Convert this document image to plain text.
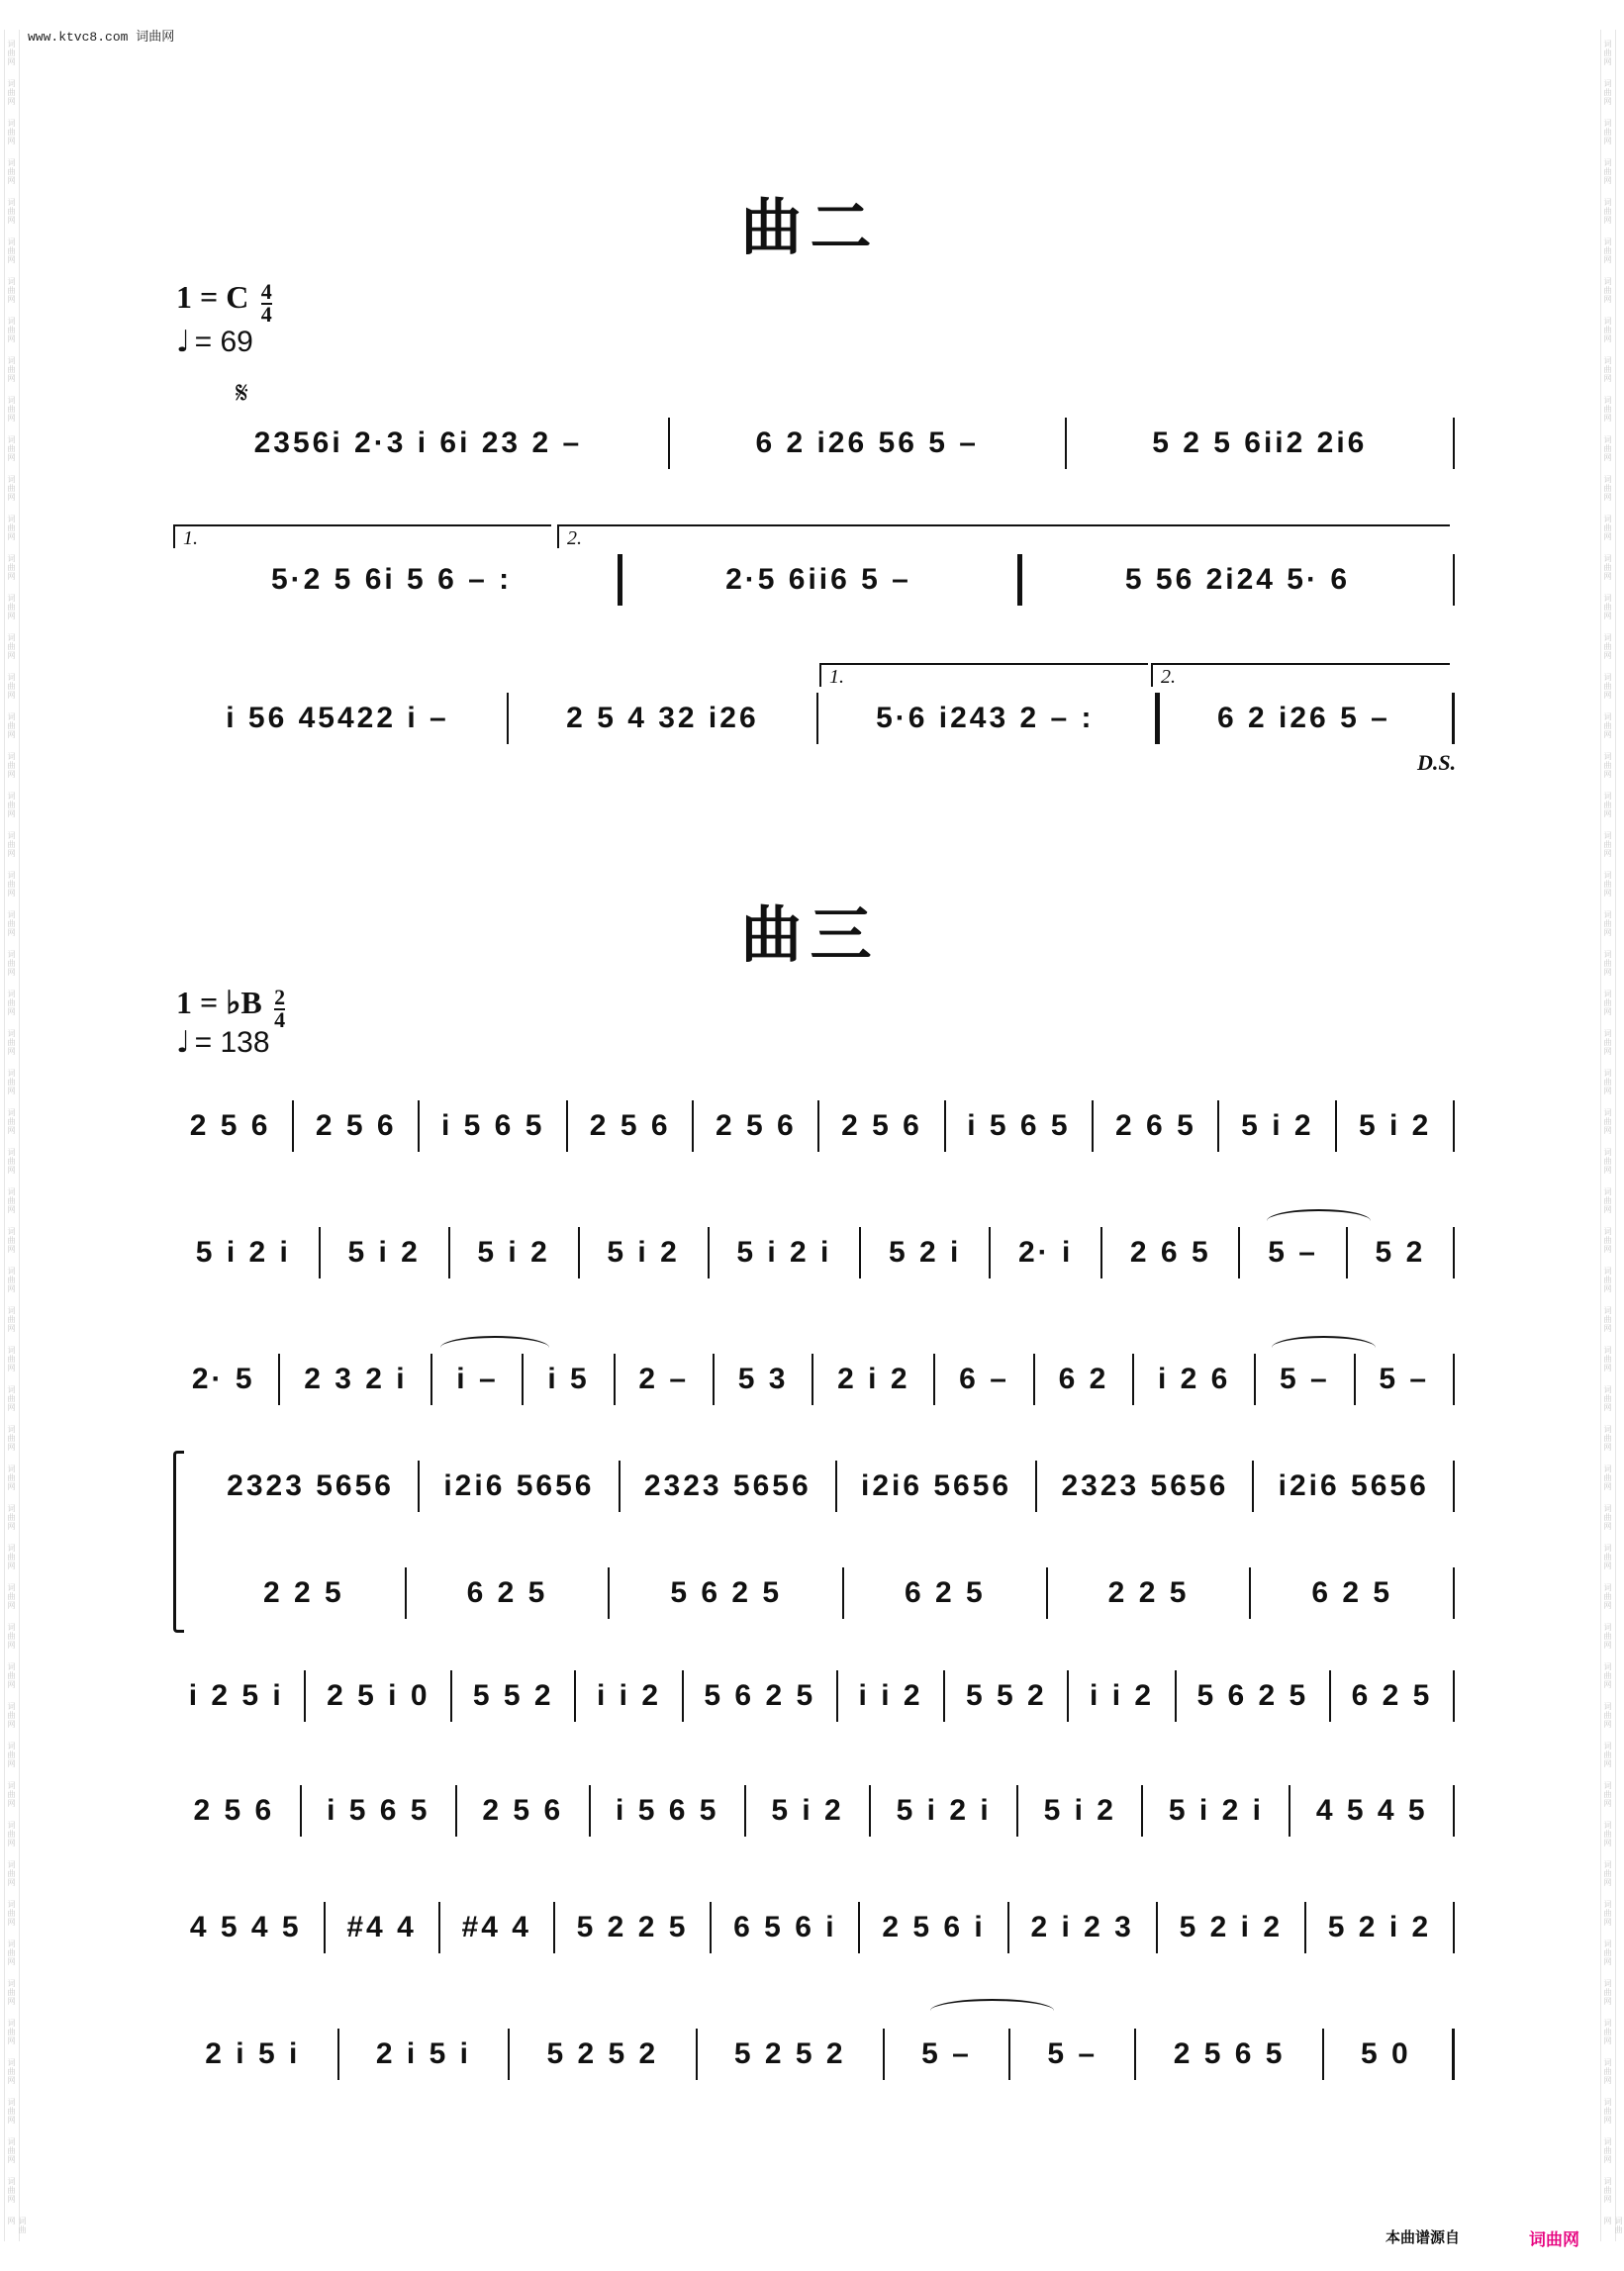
词曲网
词曲网
词曲网
词曲网
词曲网
词曲网
词曲网
词曲网
词曲网
词曲网
词曲网
词曲网
词曲网
词曲网
词曲网
词曲网
词曲网
词曲网
词曲网
词曲网
词曲网
词曲网
词曲网
词曲网
词曲网
词曲网
词曲网
词曲网
词曲网
词曲网
词曲网
词曲网
词曲网
词曲网
词曲网
词曲网
词曲网
词曲网
词曲网
词曲网
词曲网
词曲网
词曲网
词曲网
词曲网
词曲网
词曲网
词曲网
词曲网
词曲网
词曲网
词曲网
词曲网
词曲网
词曲网
词曲网
词曲网
词曲网
词曲网
词曲网
词曲网
词曲网
词曲网
词曲网
词曲网
词曲网
词曲网
词曲网
词曲网
词曲网
词曲网
词曲网
词曲网
词曲网
词曲网
词曲网
词曲网
词曲网
词曲网
词曲网
词曲网
词曲网
词曲网
词曲网
词曲网
词曲网
词曲网
词曲网
词曲网
词曲网
词曲网
词曲网
词曲网
词曲网
词曲网
词曲网
词曲网
词曲网
词曲网
词曲网
词曲网
词曲网
词曲网
词曲网
词曲网
词曲网
词曲网
词曲网
词曲网
词曲网
词曲网
词曲网
www.ktvc8.com 词曲网
曲二
1 = C $\frac{4}{4}$
♩ = 69
𝄋
2356i 2·3 i 6i 23 2 –	6 2 i26 56 5 –	5 2 5 6ii2 2i6
1.	2.
5·2 5 6i 5 6 – :	2·5 6ii6 5 –	5 56 2i24 5· 6
1.	2.
i 56 45422 i –	2 5 4 32 i26	5·6 i243 2 – :	6 2 i26 5 –
D.S.
曲三
1 = ♭B $\frac{2}{4}$
♩ = 138
2 5 6	2 5 6	i 5 6 5	2 5 6	2 5 6	2 5 6	i 5 6 5	2 6 5	5 i 2	5 i 2
5 i 2 i	5 i 2	5 i 2	5 i 2	5 i 2 i	5 2 i	2· i	2 6 5	5 –	5 2
2· 5	2 3 2 i	i –	i 5	2 –	5 3	2 i 2	6 –	6 2	i 2 6	5 –	5 –
2323 5656	i2i6 5656	2323 5656	i2i6 5656	2323 5656	i2i6 5656
2 2 5	6 2 5	5 6 2 5	6 2 5	2 2 5	6 2 5
i 2 5 i	2 5 i 0	5 5 2	i i 2	5 6 2 5	i i 2	5 5 2	i i 2	5 6 2 5	6 2 5
2 5 6	i 5 6 5	2 5 6	i 5 6 5	5 i 2	5 i 2 i	5 i 2	5 i 2 i	4 5 4 5
4 5 4 5	#4 4	#4 4	5 2 2 5	6 5 6 i	2 5 6 i	2 i 2 3	5 2 i 2	5 2 i 2
2 i 5 i	2 i 5 i	5 2 5 2	5 2 5 2	5 –	5 –	2 5 6 5	5 0
本曲谱源自	词曲网
